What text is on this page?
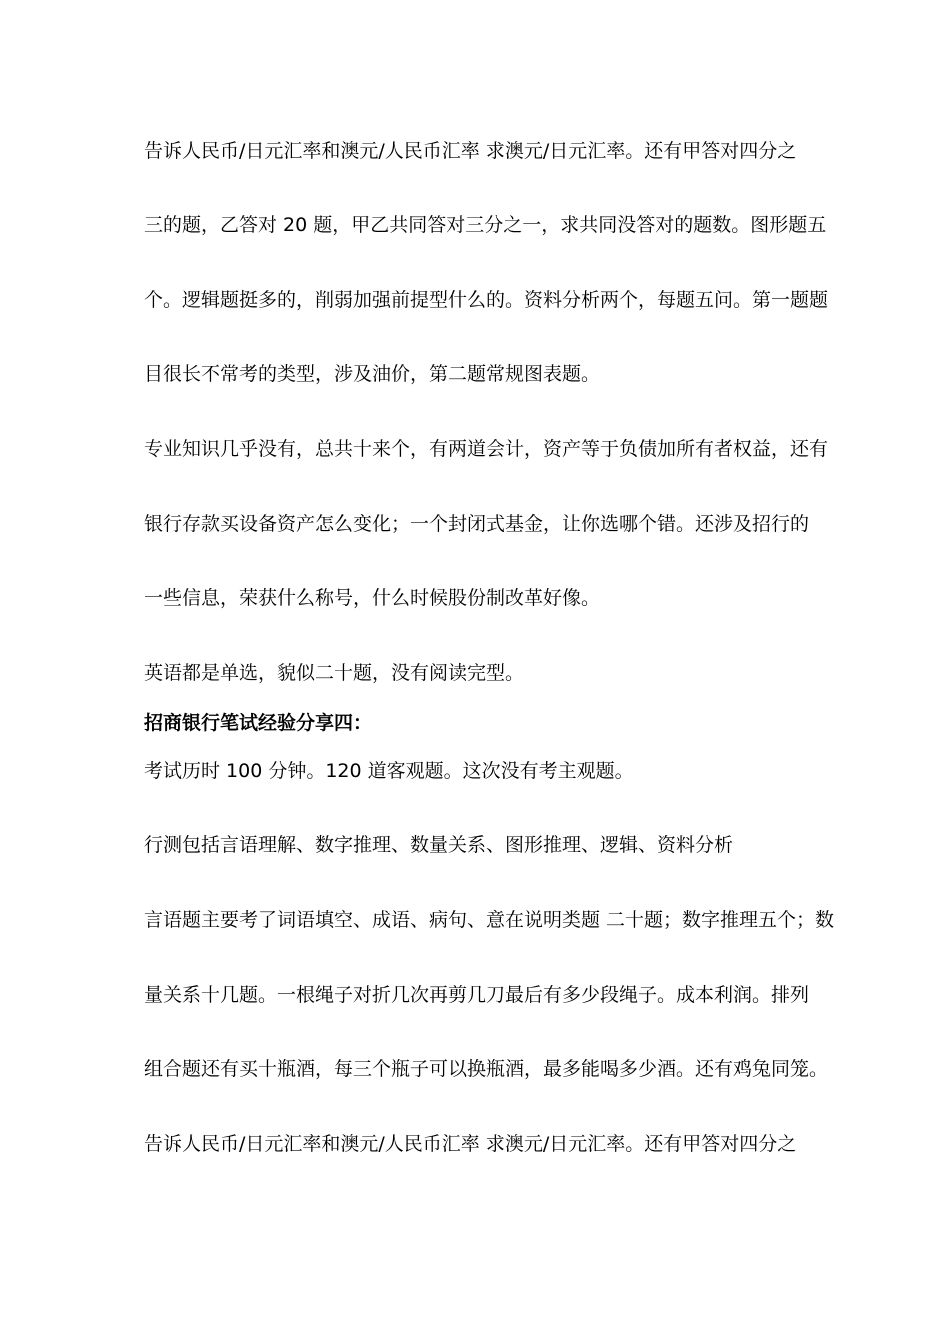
告诉人民币/日元汇率和澳元/人民币汇率 求澳元/日元汇率。还有甲答对四分之
三的题，乙答对 20 题，甲乙共同答对三分之一，求共同没答对的题数。图形题五
个。逻辑题挺多的，削弱加强前提型什么的。资料分析两个，每题五问。第一题题
目很长不常考的类型，涉及油价，第二题常规图表题。
专业知识几乎没有，总共十来个，有两道会计，资产等于负债加所有者权益，还有
银行存款买设备资产怎么变化；一个封闭式基金，让你选哪个错。还涉及招行的
一些信息，荣获什么称号，什么时候股份制改革好像。
英语都是单选，貌似二十题，没有阅读完型。
招商银行笔试经验分享四：
考试历时 100 分钟。120 道客观题。这次没有考主观题。
行测包括言语理解、数字推理、数量关系、图形推理、逻辑、资料分析
言语题主要考了词语填空、成语、病句、意在说明类题 二十题；数字推理五个；数
量关系十几题。一根绳子对折几次再剪几刀最后有多少段绳子。成本利润。排列
组合题还有买十瓶酒，每三个瓶子可以换瓶酒，最多能喝多少酒。还有鸡兔同笼。
告诉人民币/日元汇率和澳元/人民币汇率 求澳元/日元汇率。还有甲答对四分之
